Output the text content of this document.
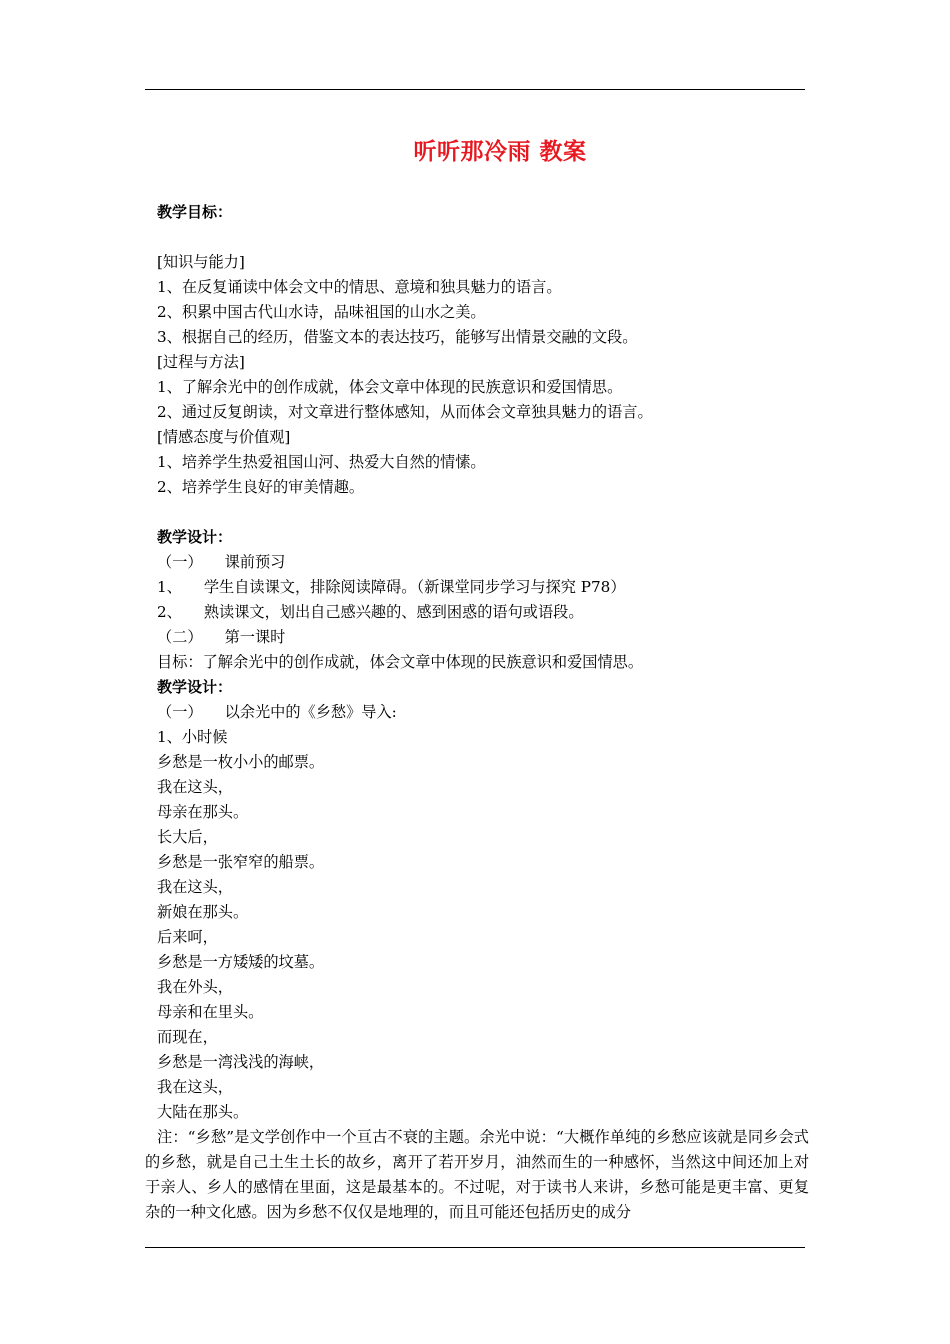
听听那冷雨 教案
教学目标：
[知识与能力]
1、在反复诵读中体会文中的情思、意境和独具魅力的语言。
2、积累中国古代山水诗，品味祖国的山水之美。
3、根据自己的经历，借鉴文本的表达技巧，能够写出情景交融的文段。
[过程与方法]
1、了解余光中的创作成就，体会文章中体现的民族意识和爱国情思。
2、通过反复朗读，对文章进行整体感知，从而体会文章独具魅力的语言。
[情感态度与价值观]
1、培养学生热爱祖国山河、热爱大自然的情愫。
2、培养学生良好的审美情趣。
教学设计：
（一） 课前预习
1、 学生自读课文，排除阅读障碍。（新课堂同步学习与探究 P78）
2、 熟读课文，划出自己感兴趣的、感到困惑的语句或语段。
（二） 第一课时
目标：了解余光中的创作成就，体会文章中体现的民族意识和爱国情思。
教学设计：
（一） 以余光中的《乡愁》导入:
1、小时候
乡愁是一枚小小的邮票。
我在这头，
母亲在那头。
长大后，
乡愁是一张窄窄的船票。
我在这头，
新娘在那头。
后来呵，
乡愁是一方矮矮的坟墓。
我在外头，
母亲和在里头。
而现在，
乡愁是一湾浅浅的海峡，
我在这头，
大陆在那头。
注：“乡愁”是文学创作中一个亘古不衰的主题。余光中说：“大概作单纯的乡愁应该就是同乡会式的乡愁，就是自己土生土长的故乡，离开了若开岁月，油然而生的一种感怀，当然这中间还加上对于亲人、乡人的感情在里面，这是最基本的。不过呢，对于读书人来讲，乡愁可能是更丰富、更复杂的一种文化感。因为乡愁不仅仅是地理的，而且可能还包括历史的成分
